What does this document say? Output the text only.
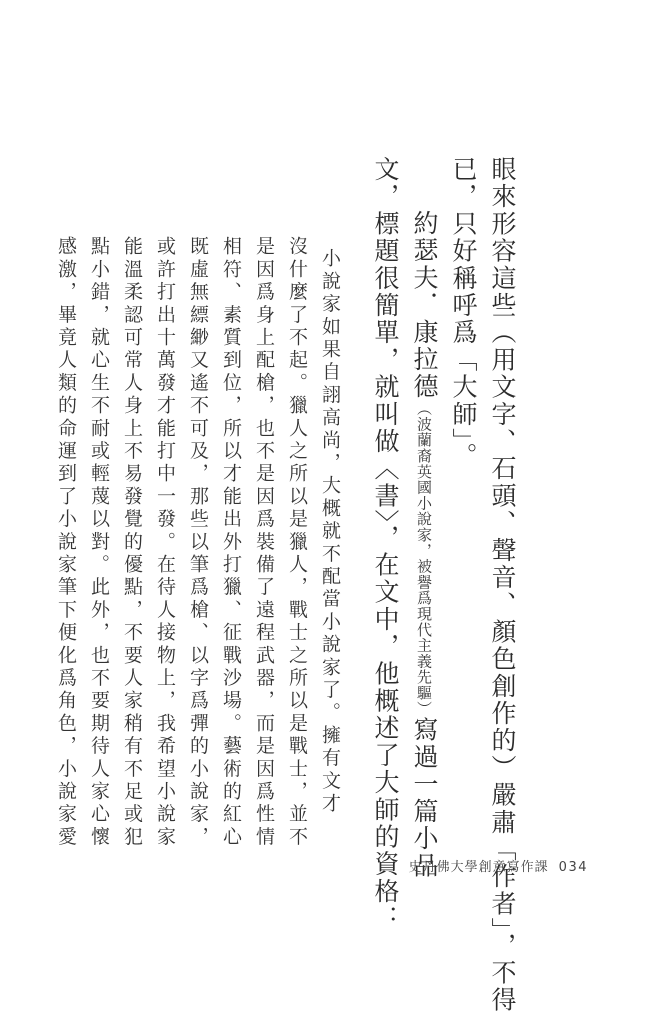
眼來形容這些（用文字、石頭、聲音、顏色創作的）嚴肅「作者」，不得
已，只好稱呼爲「大師」。
約瑟夫．康拉德（波蘭裔英國小說家，被譽爲現代主義先驅）寫過一篇小品
文，標題很簡單，就叫做〈書〉，在文中，他概述了大師的資格：
小說家如果自詡高尚，大概就不配當小說家了。擁有文才
沒什麼了不起。獵人之所以是獵人，戰士之所以是戰士，並不
是因爲身上配槍，也不是因爲裝備了遠程武器，而是因爲性情
相符、素質到位，所以才能出外打獵、征戰沙場。藝術的紅心
既虛無縹緲又遙不可及，那些以筆爲槍、以字爲彈的小說家，
或許打出十萬發才能打中一發。在待人接物上，我希望小說家
能溫柔認可常人身上不易發覺的優點，不要人家稍有不足或犯
點小錯，就心生不耐或輕蔑以對。此外，也不要期待人家心懷
感激，畢竟人類的命運到了小說家筆下便化爲角色，小說家愛
史丹佛大學創意寫作課 034
